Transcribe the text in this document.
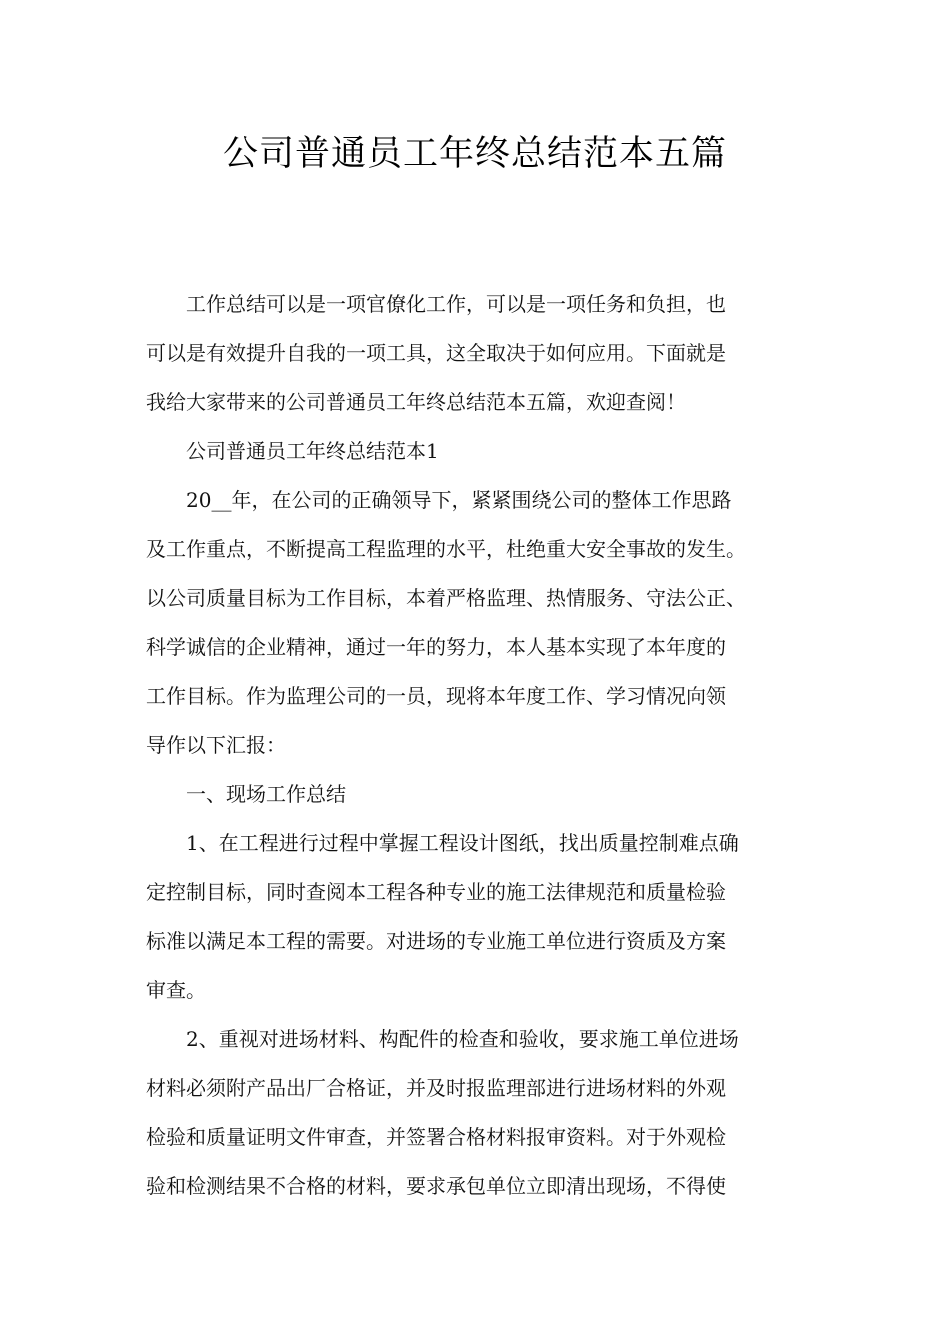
公司普通员工年终总结范本五篇
工作总结可以是一项官僚化工作，可以是一项任务和负担，也
可以是有效提升自我的一项工具，这全取决于如何应用。下面就是
我给大家带来的公司普通员工年终总结范本五篇，欢迎查阅！
公司普通员工年终总结范本1
20__年，在公司的正确领导下，紧紧围绕公司的整体工作思路
及工作重点，不断提高工程监理的水平，杜绝重大安全事故的发生。
以公司质量目标为工作目标，本着严格监理、热情服务、守法公正、
科学诚信的企业精神，通过一年的努力，本人基本实现了本年度的
工作目标。作为监理公司的一员，现将本年度工作、学习情况向领
导作以下汇报：
一、现场工作总结
1、在工程进行过程中掌握工程设计图纸，找出质量控制难点确
定控制目标，同时查阅本工程各种专业的施工法律规范和质量检验
标准以满足本工程的需要。对进场的专业施工单位进行资质及方案
审查。
2、重视对进场材料、构配件的检查和验收，要求施工单位进场
材料必须附产品出厂合格证，并及时报监理部进行进场材料的外观
检验和质量证明文件审查，并签署合格材料报审资料。对于外观检
验和检测结果不合格的材料，要求承包单位立即清出现场，不得使
